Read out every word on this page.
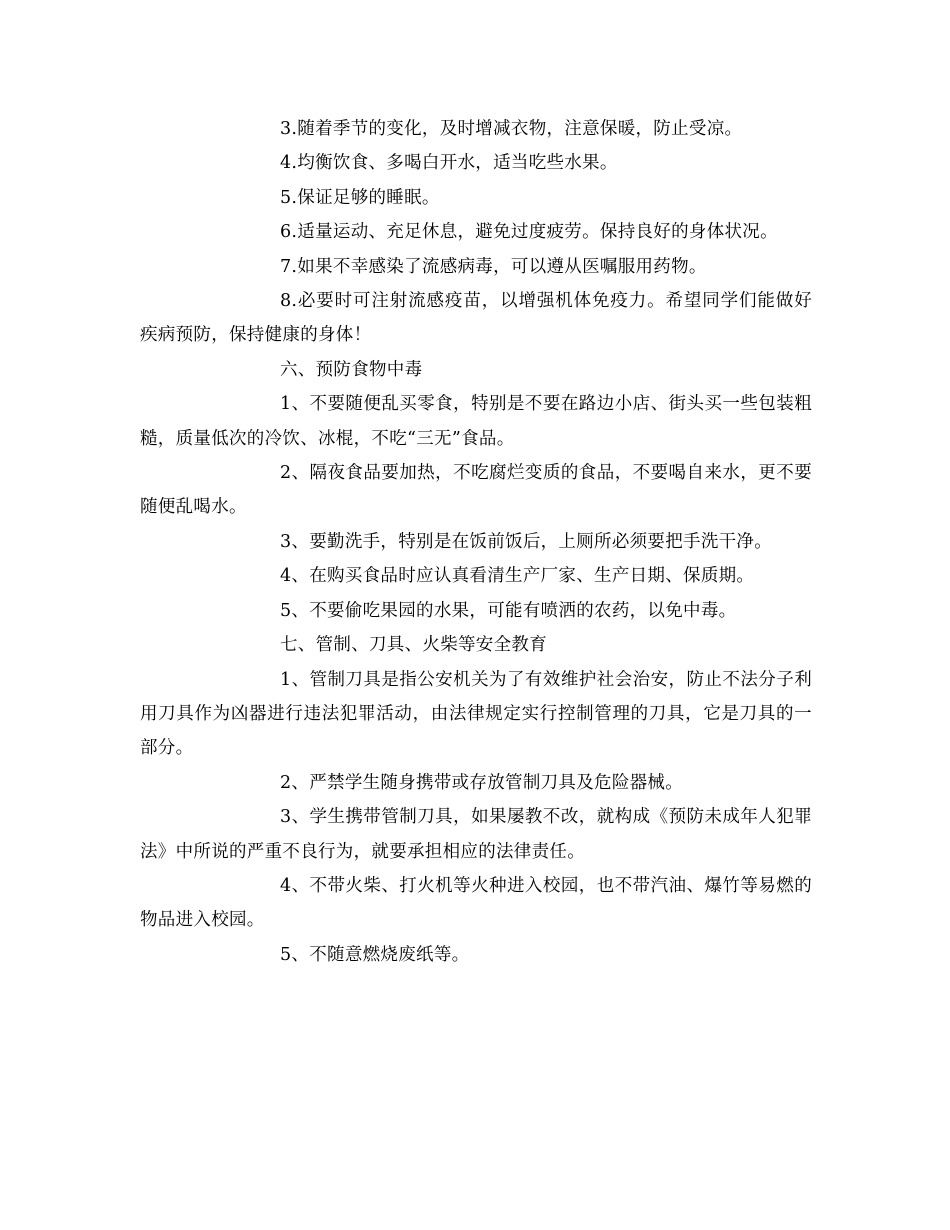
3.随着季节的变化，及时增减衣物，注意保暖，防止受凉。

4.均衡饮食、多喝白开水，适当吃些水果。

5.保证足够的睡眠。

6.适量运动、充足休息，避免过度疲劳。保持良好的身体状况。

7.如果不幸感染了流感病毒，可以遵从医嘱服用药物。

8.必要时可注射流感疫苗，以增强机体免疫力。希望同学们能做好疾病预防，保持健康的身体！

六、预防食物中毒

1、不要随便乱买零食，特别是不要在路边小店、街头买一些包装粗糙，质量低次的冷饮、冰棍，不吃“三无”食品。

2、隔夜食品要加热，不吃腐烂变质的食品，不要喝自来水，更不要随便乱喝水。

3、要勤洗手，特别是在饭前饭后，上厕所必须要把手洗干净。

4、在购买食品时应认真看清生产厂家、生产日期、保质期。

5、不要偷吃果园的水果，可能有喷洒的农药，以免中毒。

七、管制、刀具、火柴等安全教育

1、管制刀具是指公安机关为了有效维护社会治安，防止不法分子利用刀具作为凶器进行违法犯罪活动，由法律规定实行控制管理的刀具，它是刀具的一部分。

2、严禁学生随身携带或存放管制刀具及危险器械。

3、学生携带管制刀具，如果屡教不改，就构成《预防未成年人犯罪法》中所说的严重不良行为，就要承担相应的法律责任。

4、不带火柴、打火机等火种进入校园，也不带汽油、爆竹等易燃的物品进入校园。

5、不随意燃烧废纸等。
